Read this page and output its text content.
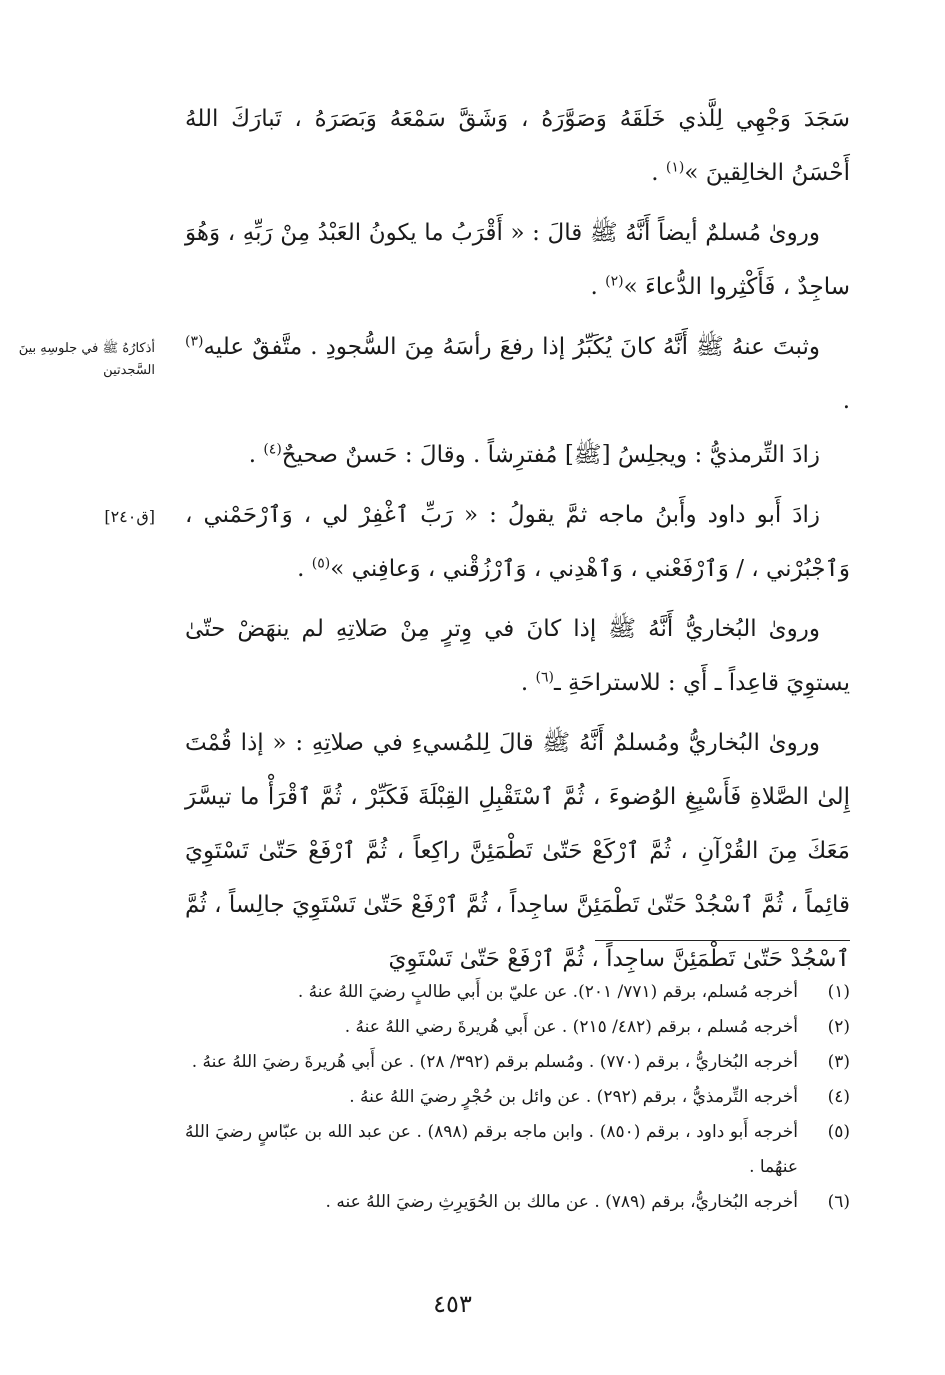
سَجَدَ وَجْهِي لِلَّذي خَلَقَهُ وَصَوَّرَهُ ، وَشَقَّ سَمْعَهُ وَبَصَرَهُ ، تَبارَكَ اللهُ أَحْسَنُ الخالِقينَ »$^{(١)}$ .

وروىٰ مُسلمٌ أيضاً أَنَّهُ ﷺ قالَ : « أَقْرَبُ ما يكونُ العَبْدُ مِنْ رَبِّهِ ، وَهُوَ ساجِدٌ ، فَأَكْثِروا الدُّعاءَ »$^{(٢)}$ .

وثبتَ عنهُ ﷺ أَنَّهُ كانَ يُكَبِّرُ إذا رفعَ رأسَهُ مِنَ السُّجودِ . متَّفقٌ عليه$^{(٣)}$ .

زادَ التِّرمذيُّ : ويجلِسُ [ﷺ] مُفترِشاً . وقالَ : حَسنٌ صحيحٌ$^{(٤)}$ .

زادَ أَبو داود وأَبنُ ماجه ثمَّ يقولُ : « رَبِّ ٱغْفِرْ لي ، وَٱرْحَمْني ، وَٱجْبُرْني ، / وَٱرْفَعْني ، وَٱهْدِني ، وَٱرْزُقْني ، وَعافِني »$^{(٥)}$ .

وروىٰ البُخاريُّ أَنَّهُ ﷺ إذا كانَ في وِترٍ مِنْ صَلاتِهِ لم ينهَضْ حتّىٰ يستوِيَ قاعِداً ـ أَي : للاستراحَةِ ـ$^{(٦)}$ .

وروىٰ البُخاريُّ ومُسلمٌ أَنَّهُ ﷺ قالَ لِلمُسيءِ في صلاتِهِ : « إذا قُمْتَ إِلىٰ الصَّلاةِ فَأَسْبِغِ الوُضوءَ ، ثُمَّ ٱسْتَقْبِلِ القِبْلَةَ فَكَبِّرْ ، ثُمَّ ٱقْرَأْ ما تيسَّرَ مَعَكَ مِنَ القُرْآنِ ، ثُمَّ ٱرْكَعْ حَتّىٰ تَطْمَئِنَّ راكِعاً ، ثُمَّ ٱرْفَعْ حَتّىٰ تَسْتَوِيَ قائِماً ، ثُمَّ ٱسْجُدْ حَتّىٰ تَطْمَئِنَّ ساجِداً ، ثُمَّ ٱرْفَعْ حَتّىٰ تَسْتَوِيَ جالِساً ، ثُمَّ ٱسْجُدْ حَتّىٰ تَطْمَئِنَّ ساجِداً ، ثُمَّ ٱرْفَعْ حَتّىٰ تَسْتَوِيَ

أذكارُهُ ﷺ في جلوسِهِ بينَ السَّجدتين
[ق٢٤٠]
(١)
أخرجه مُسلم، برقم (٧٧١/ ٢٠١). عن عليّ بن أَبي طالبٍ رضيَ اللهُ عنهُ .
(٢)
أخرجه مُسلم ، برقم (٤٨٢/ ٢١٥) . عن أَبي هُريرةَ رضي اللهُ عنهُ .
(٣)
أخرجه البُخاريُّ ، برقم (٧٧٠) . ومُسلم برقم (٣٩٢/ ٢٨) . عن أَبي هُريرةَ رضيَ اللهُ عنهُ .
(٤)
أخرجه التِّرمذيُّ ، برقم (٢٩٢) . عن وائل بن حُجْرٍ رضيَ اللهُ عنهُ .
(٥)
أخرجه أَبو داود ، برقم (٨٥٠) . وابن ماجه برقم (٨٩٨) . عن عبد الله بن عبّاسٍ رضيَ اللهُ عنهُما .
(٦)
أخرجه البُخاريُّ، برقم (٧٨٩) . عن مالك بن الحُوَيرِثِ رضيَ اللهُ عنه .
٤٥٣
